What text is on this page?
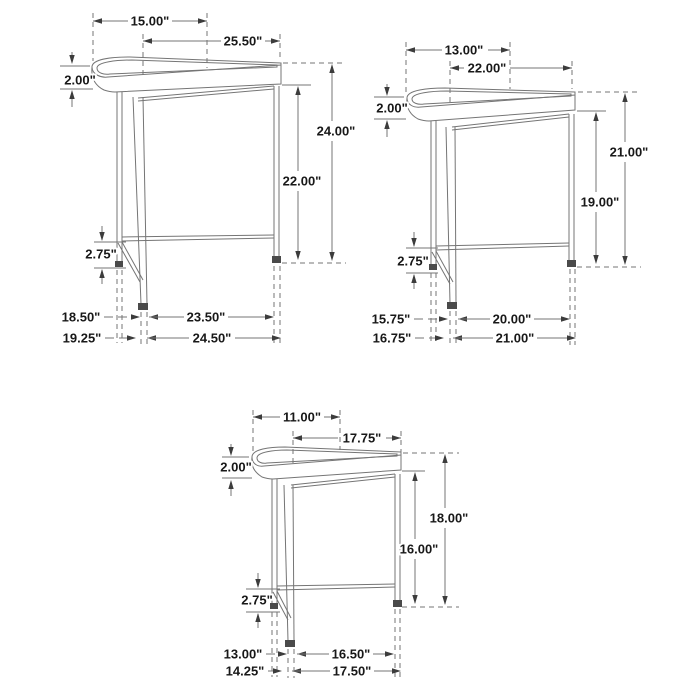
15.00"
25.50"
2.00"
24.00"
22.00"
2.75"
18.50"	23.50"
19.25"	24.50"
13.00"
22.00"
2.00"
21.00"
19.00"
2.75"
15.75"	20.00"
16.75"	21.00"
11.00"
17.75"
2.00"
18.00"
16.00"
2.75"
13.00"	16.50"
14.25"	17.50"
